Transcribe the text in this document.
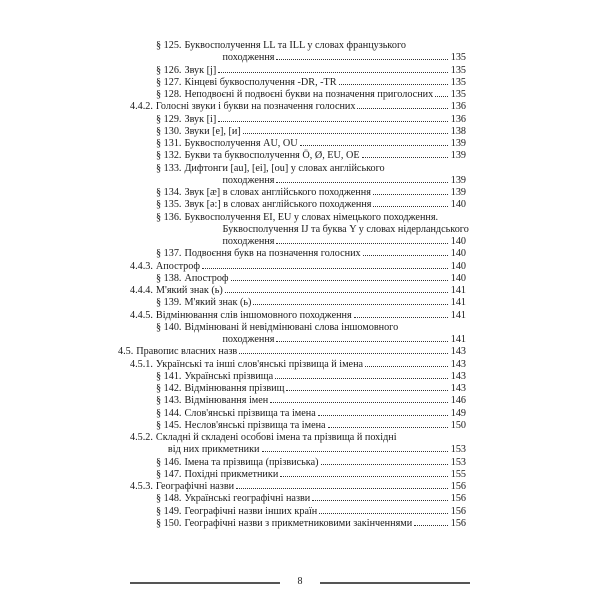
§ 125. Буквосполучення LL та ILL у словах французького
походження	135
§ 126. Звук [j]	135
§ 127. Кінцеві буквосполучення -DR, -TR	135
§ 128. Неподвоєні й подвоєні букви на позначення приголосних 135
4.4.2. Голосні звуки і букви на позначення голосних	136
§ 129. Звук [і]	136
§ 130. Звуки [е], [и]	138
§ 131. Буквосполучення AU, OU	139
§ 132. Букви та буквосполучення Ö, Ø, EU, OE	139
§ 133. Дифтонги [au], [ei], [ou] у словах англійського
походження	139
§ 134. Звук [æ] в словах англійського походження	139
§ 135. Звук [ə:] в словах англійського походження	140
§ 136. Буквосполучення EI, EU у словах німецького походження.
Буквосполучення IJ та буква Y у словах нідерландського
походження	140
§ 137. Подвоєння букв на позначення голосних	140
4.4.3. Апостроф	140
§ 138. Апостроф	140
4.4.4. М'який знак (ь)	141
§ 139. М'який знак (ь)	141
4.4.5. Відмінювання слів іншомовного походження	141
§ 140. Відмінювані й невідмінювані слова іншомовного
походження	141
4.5. Правопис власних назв	143
4.5.1. Українські та інші слов'янські прізвища й імена	143
§ 141. Українські прізвища	143
§ 142. Відмінювання прізвищ	143
§ 143. Відмінювання імен	146
§ 144. Слов'янські прізвища та імена	149
§ 145. Неслов'янські прізвища та імена	150
4.5.2. Складні й складені особові імена та прізвища й похідні
від них прикметники	153
§ 146. Імена та прізвища (прізвиська)	153
§ 147. Похідні прикметники	155
4.5.3. Географічні назви	156
§ 148. Українські географічні назви	156
§ 149. Географічні назви інших країн	156
§ 150. Географічні назви з прикметниковими закінченнями	156
8
